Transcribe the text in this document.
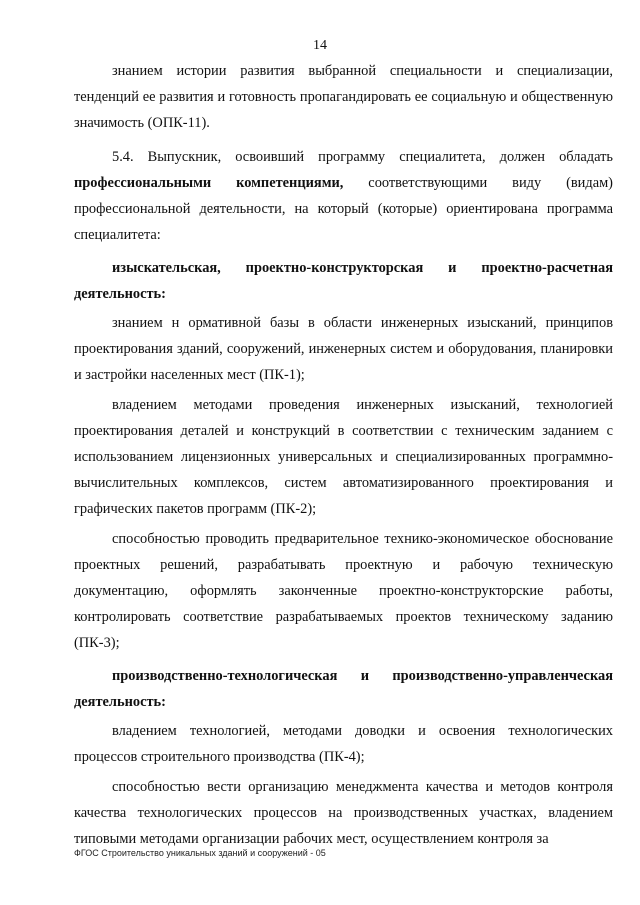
14

знанием истории развития выбранной специальности и специализации, тенденций ее развития и готовность пропагандировать ее социальную и общественную значимость (ОПК-11).

5.4. Выпускник, освоивший программу специалитета, должен обладать профессиональными компетенциями, соответствующими виду (видам) профессиональной деятельности, на который (которые) ориентирована программа специалитета:

изыскательская, проектно-конструкторская и проектно-расчетная деятельность:

знанием н ормативной базы в области инженерных изысканий, принципов проектирования зданий, сооружений, инженерных систем и оборудования, планировки и застройки населенных мест (ПК-1);

владением методами проведения инженерных изысканий, технологией проектирования деталей и конструкций в соответствии с техническим заданием с использованием лицензионных универсальных и специализированных программно-вычислительных комплексов, систем автоматизированного проектирования и графических пакетов программ (ПК-2);

способностью проводить предварительное технико-экономическое обоснование проектных решений, разрабатывать проектную и рабочую техническую документацию, оформлять законченные проектно-конструкторские работы, контролировать соответствие разрабатываемых проектов техническому заданию (ПК-3);

производственно-технологическая и производственно-управленческая деятельность:

владением технологией, методами доводки и освоения технологических процессов строительного производства (ПК-4);

способностью вести организацию менеджмента качества и методов контроля качества технологических процессов на производственных участках, владением типовыми методами организации рабочих мест, осуществлением контроля за

ФГОС Строительство уникальных зданий и сооружений - 05
